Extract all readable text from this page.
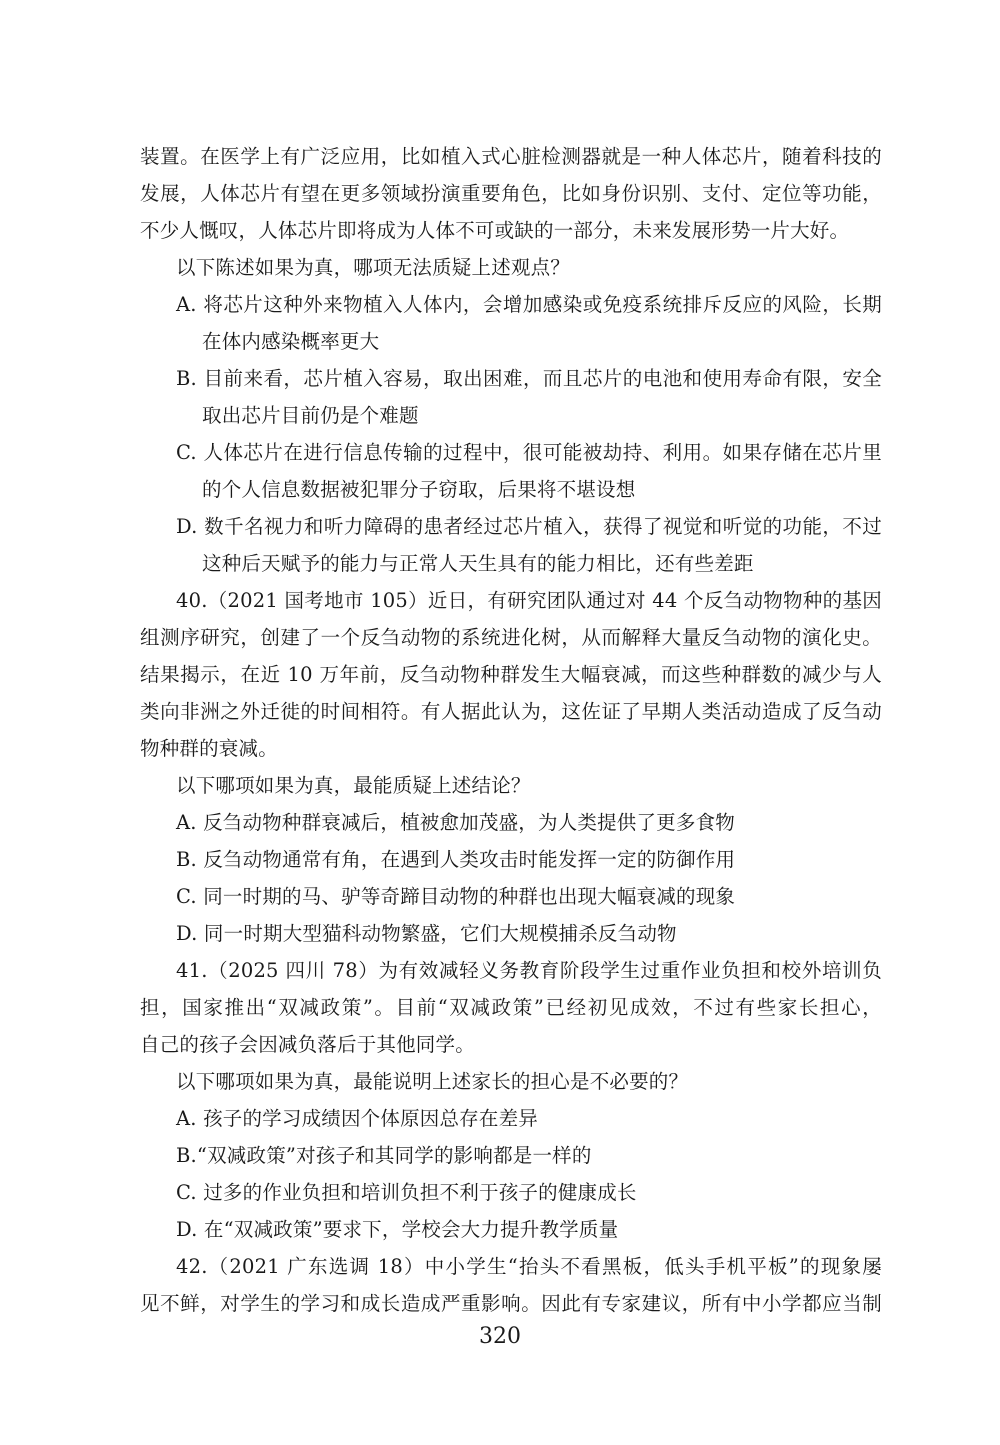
装置。在医学上有广泛应用，比如植入式心脏检测器就是一种人体芯片，随着科技的
发展，人体芯片有望在更多领域扮演重要角色，比如身份识别、支付、定位等功能，
不少人慨叹，人体芯片即将成为人体不可或缺的一部分，未来发展形势一片大好。
以下陈述如果为真，哪项无法质疑上述观点？
A. 将芯片这种外来物植入人体内，会增加感染或免疫系统排斥反应的风险，长期
在体内感染概率更大
B. 目前来看，芯片植入容易，取出困难，而且芯片的电池和使用寿命有限，安全
取出芯片目前仍是个难题
C. 人体芯片在进行信息传输的过程中，很可能被劫持、利用。如果存储在芯片里
的个人信息数据被犯罪分子窃取，后果将不堪设想
D. 数千名视力和听力障碍的患者经过芯片植入，获得了视觉和听觉的功能，不过
这种后天赋予的能力与正常人天生具有的能力相比，还有些差距
40.（2021 国考地市 105）近日，有研究团队通过对 44 个反刍动物物种的基因
组测序研究，创建了一个反刍动物的系统进化树，从而解释大量反刍动物的演化史。
结果揭示，在近 10 万年前，反刍动物种群发生大幅衰减，而这些种群数的减少与人
类向非洲之外迁徙的时间相符。有人据此认为，这佐证了早期人类活动造成了反刍动
物种群的衰减。
以下哪项如果为真，最能质疑上述结论？
A. 反刍动物种群衰减后，植被愈加茂盛，为人类提供了更多食物
B. 反刍动物通常有角，在遇到人类攻击时能发挥一定的防御作用
C. 同一时期的马、驴等奇蹄目动物的种群也出现大幅衰减的现象
D. 同一时期大型猫科动物繁盛，它们大规模捕杀反刍动物
41.（2025 四川 78）为有效减轻义务教育阶段学生过重作业负担和校外培训负
担，国家推出“双减政策”。目前“双减政策”已经初见成效，不过有些家长担心，
自己的孩子会因减负落后于其他同学。
以下哪项如果为真，最能说明上述家长的担心是不必要的？
A. 孩子的学习成绩因个体原因总存在差异
B.“双减政策”对孩子和其同学的影响都是一样的
C. 过多的作业负担和培训负担不利于孩子的健康成长
D. 在“双减政策”要求下，学校会大力提升教学质量
42.（2021 广东选调 18）中小学生“抬头不看黑板，低头手机平板”的现象屡
见不鲜，对学生的学习和成长造成严重影响。因此有专家建议，所有中小学都应当制
320
